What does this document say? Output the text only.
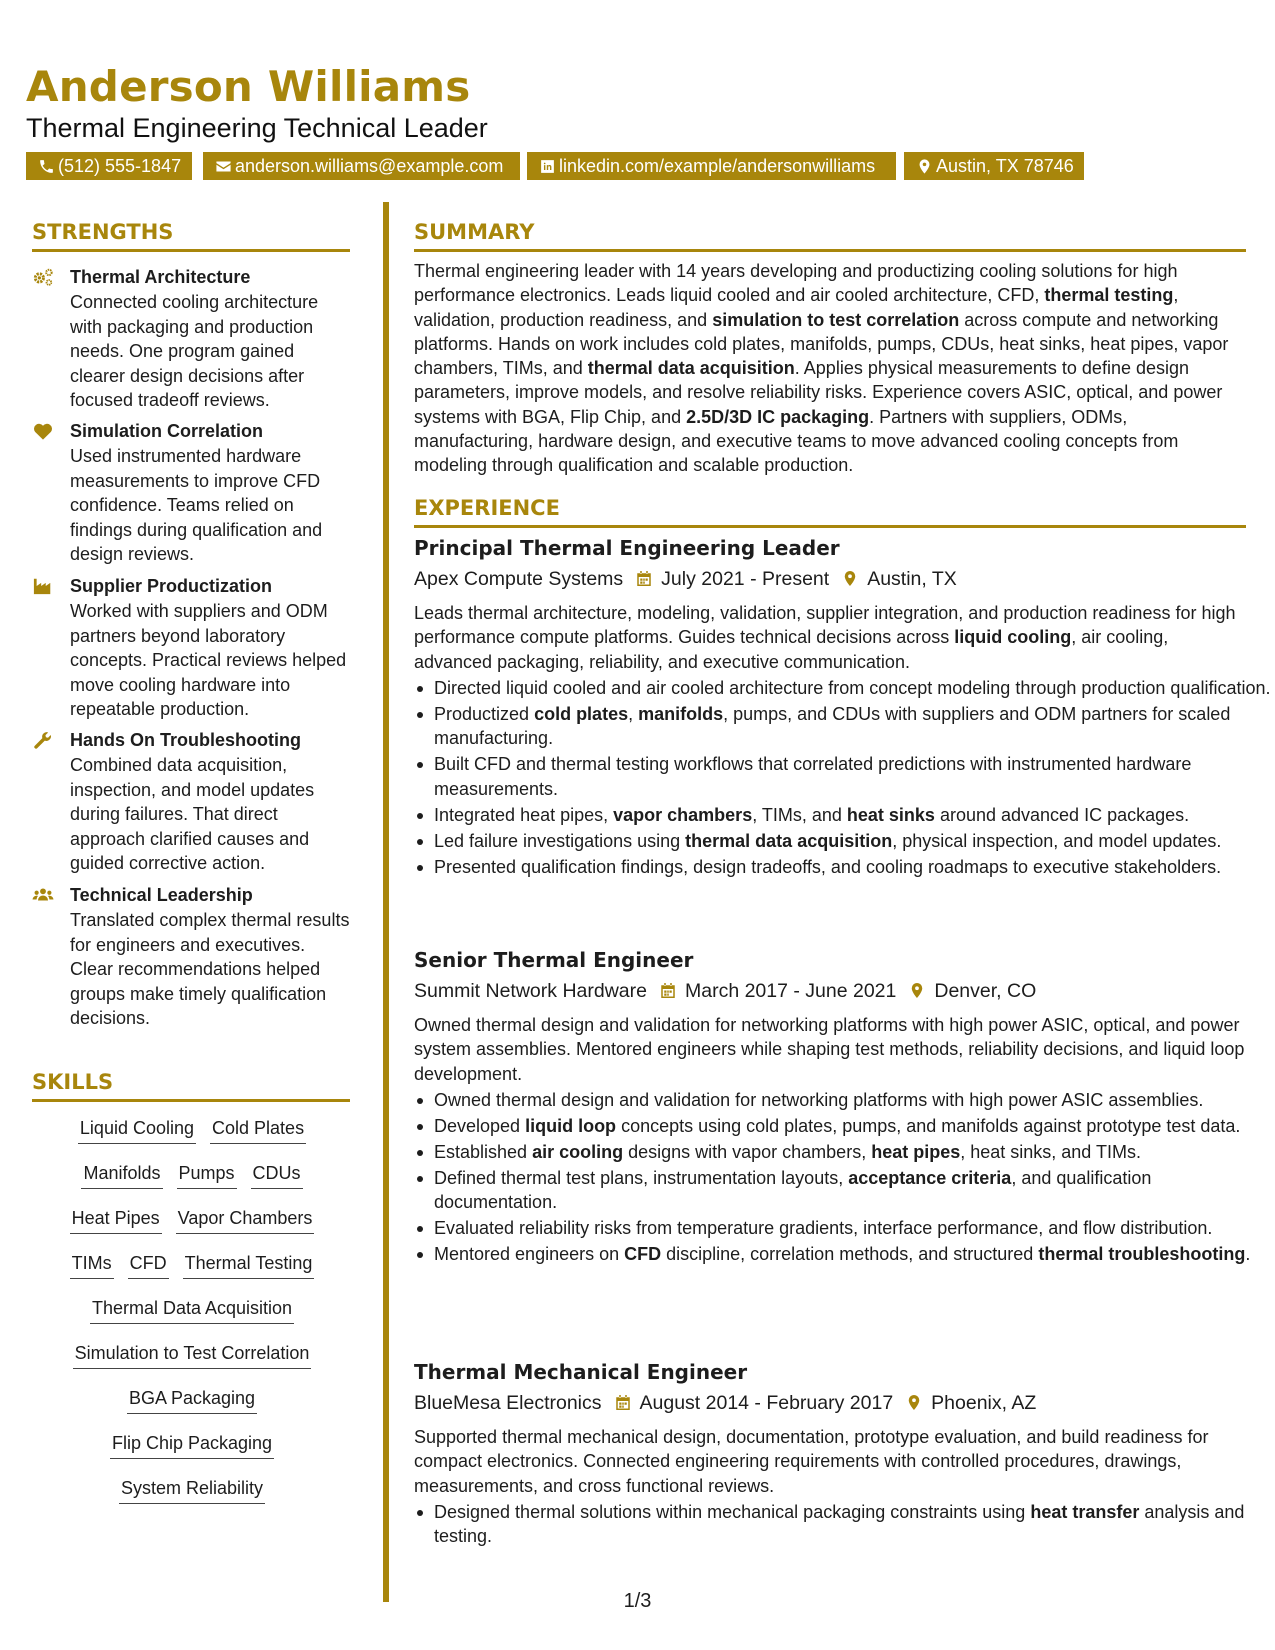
Anderson Williams
Thermal Engineering Technical Leader
(512) 555-1847	anderson.williams@example.com	linkedin.com/example/andersonwilliams	Austin, TX 78746
STRENGTHS
Thermal Architecture
Connected cooling architecture with packaging and production needs. One program gained clearer design decisions after focused tradeoff reviews.
Simulation Correlation
Used instrumented hardware measurements to improve CFD confidence. Teams relied on findings during qualification and design reviews.
Supplier Productization
Worked with suppliers and ODM partners beyond laboratory concepts. Practical reviews helped move cooling hardware into repeatable production.
Hands On Troubleshooting
Combined data acquisition, inspection, and model updates during failures. That direct approach clarified causes and guided corrective action.
Technical Leadership
Translated complex thermal results for engineers and executives. Clear recommendations helped groups make timely qualification decisions.
SKILLS
Liquid Cooling Cold Plates
Manifolds Pumps CDUs
Heat Pipes Vapor Chambers
TIMs CFD Thermal Testing
Thermal Data Acquisition
Simulation to Test Correlation
BGA Packaging
Flip Chip Packaging
System Reliability
SUMMARY

Thermal engineering leader with 14 years developing and productizing cooling solutions for high performance electronics. Leads liquid cooled and air cooled architecture, CFD, thermal testing, validation, production readiness, and simulation to test correlation across compute and networking platforms. Hands on work includes cold plates, manifolds, pumps, CDUs, heat sinks, heat pipes, vapor chambers, TIMs, and thermal data acquisition. Applies physical measurements to define design parameters, improve models, and resolve reliability risks. Experience covers ASIC, optical, and power systems with BGA, Flip Chip, and 2.5D/3D IC packaging. Partners with suppliers, ODMs, manufacturing, hardware design, and executive teams to move advanced cooling concepts from modeling through qualification and scalable production.

EXPERIENCE
Principal Thermal Engineering Leader
Apex Compute Systems July 2021 - Present Austin, TX

Leads thermal architecture, modeling, validation, supplier integration, and production readiness for high performance compute platforms. Guides technical decisions across liquid cooling, air cooling, advanced packaging, reliability, and executive communication.

Directed liquid cooled and air cooled architecture from concept modeling through production qualification.
Productized cold plates, manifolds, pumps, and CDUs with suppliers and ODM partners for scaled manufacturing.
Built CFD and thermal testing workflows that correlated predictions with instrumented hardware measurements.
Integrated heat pipes, vapor chambers, TIMs, and heat sinks around advanced IC packages.
Led failure investigations using thermal data acquisition, physical inspection, and model updates.
Presented qualification findings, design tradeoffs, and cooling roadmaps to executive stakeholders.
Senior Thermal Engineer
Summit Network Hardware March 2017 - June 2021 Denver, CO

Owned thermal design and validation for networking platforms with high power ASIC, optical, and power system assemblies. Mentored engineers while shaping test methods, reliability decisions, and liquid loop development.

Owned thermal design and validation for networking platforms with high power ASIC assemblies.
Developed liquid loop concepts using cold plates, pumps, and manifolds against prototype test data.
Established air cooling designs with vapor chambers, heat pipes, heat sinks, and TIMs.
Defined thermal test plans, instrumentation layouts, acceptance criteria, and qualification documentation.
Evaluated reliability risks from temperature gradients, interface performance, and flow distribution.
Mentored engineers on CFD discipline, correlation methods, and structured thermal troubleshooting.
Thermal Mechanical Engineer
BlueMesa Electronics August 2014 - February 2017 Phoenix, AZ

Supported thermal mechanical design, documentation, prototype evaluation, and build readiness for compact electronics. Connected engineering requirements with controlled procedures, drawings, measurements, and cross functional reviews.

Designed thermal solutions within mechanical packaging constraints using heat transfer analysis and testing.
1/3
